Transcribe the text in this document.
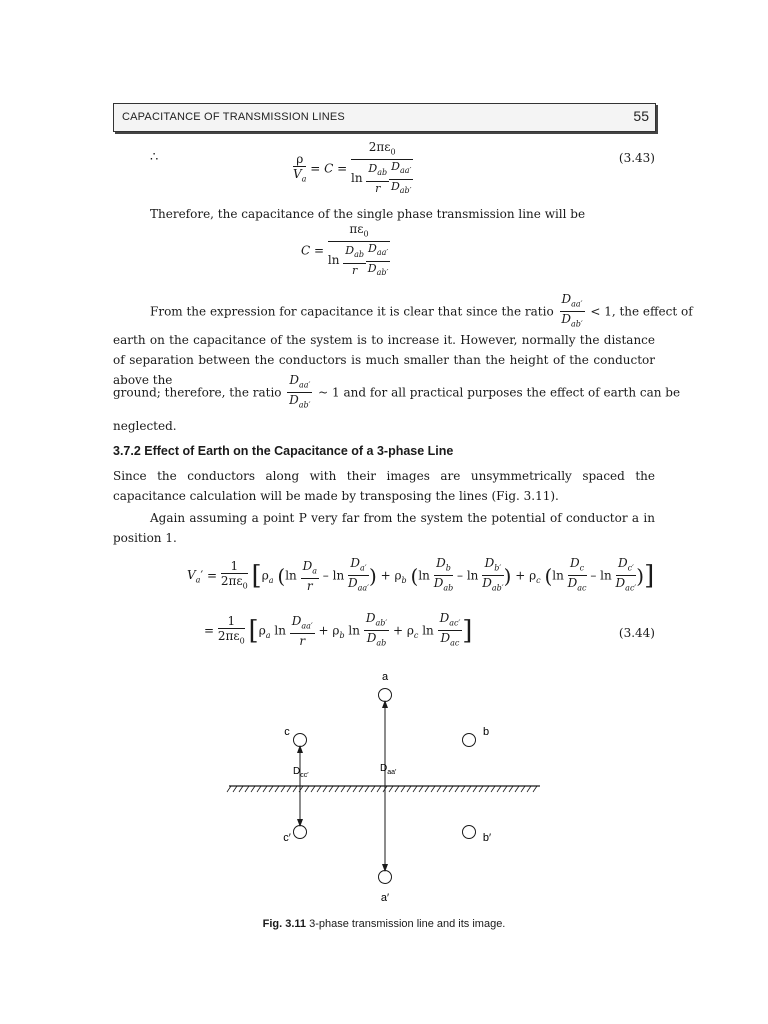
CAPACITANCE OF TRANSMISSION LINES	55
∴	$\frac{\rho}{V_a} = C = \frac{2\pi\varepsilon_0}{\ln \frac{D_{ab}}{r} \frac{D_{aa'}}{D_{ab'}}}$	(3.43)
Therefore, the capacitance of the single phase transmission line will be
$C = \frac{\pi\varepsilon_0}{\ln \frac{D_{ab}}{r} \frac{D_{aa'}}{D_{ab'}}}$
From the expression for capacitance it is clear that since the ratio $\frac{D_{aa'}}{D_{ab'}} < 1$, the effect of
earth on the capacitance of the system is to increase it. However, normally the distance of separation between the conductors is much smaller than the height of the conductor above the
ground; therefore, the ratio $\frac{D_{aa'}}{D_{ab'}}$ ~ 1 and for all practical purposes the effect of earth can be
neglected.
3.7.2 Effect of Earth on the Capacitance of a 3-phase Line
Since the conductors along with their images are unsymmetrically spaced the capacitance calculation will be made by transposing the lines (Fig. 3.11).
Again assuming a point P very far from the system the potential of conductor a in position 1.
$V_a' = \frac{1}{2\pi\varepsilon_0} [\rho_a$ ($\ln \frac{D_a}{r}$ – $\ln \frac{D_{a'}}{D_{aa'}}$ ) + $\rho_b$ ($\ln \frac{D_b}{D_{ab}}$ – $\ln \frac{D_{b'}}{D_{ab'}}$ ) + $\rho_c$ ($\ln \frac{D_c}{D_{ac}}$ – $\ln \frac{D_{c'}}{D_{ac'}}$ )]
= $\frac{1}{2\pi\varepsilon_0} [\rho_a$ $\ln \frac{D_{aa'}}{r} + \rho_b$ $\ln \frac{D_{ab'}}{D_{ab}} + \rho_c$ $\ln \frac{D_{ac'}}{D_{ac}}$ ]	(3.44)
a
c	b
c′	b′
a′
$D_{cc'}$
$D_{aa'}$
Fig. 3.11 3-phase transmission line and its image.
